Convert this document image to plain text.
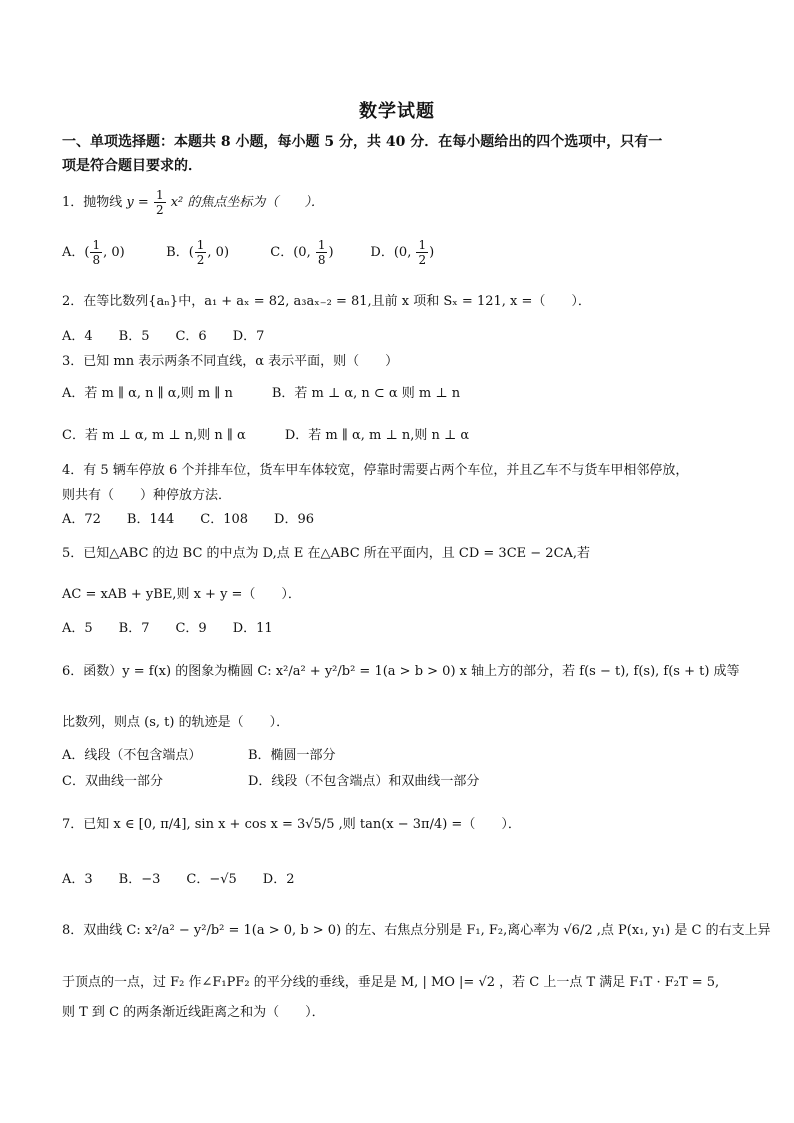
数学试题
一、单项选择题：本题共 8 小题，每小题 5 分，共 40 分．在每小题给出的四个选项中，只有一
项是符合题目要求的．
1．抛物线 $y = \frac{1}{2} x^2$ 的焦点坐标为（　　）．
A．( $\frac{1}{8}$ , 0)	B．( $\frac{1}{2}$ , 0)	C．(0, $\frac{1}{8}$ )	D．(0, $\frac{1}{2}$ )
2．在等比数列{aₙ}中，a₁ + aₓ = 82, a₃aₓ₋₂ = 81,且前 x 项和 Sₓ = 121, x =（　　）．
A．4　　B．5　　C．6　　D．7
3．已知 mn 表示两条不同直线，α 表示平面，则（　　）
A．若 m ∥ α, n ∥ α,则 m ∥ n　　　B．若 m ⊥ α, n ⊂ α 则 m ⊥ n
C．若 m ⊥ α, m ⊥ n,则 n ∥ α　　　D．若 m ∥ α, m ⊥ n,则 n ⊥ α
4．有 5 辆车停放 6 个并排车位，货车甲车体较宽，停靠时需要占两个车位，并且乙车不与货车甲相邻停放，
则共有（　　）种停放方法．
A．72　　B．144　　C．108　　D．96
5．已知△ABC 的边 BC 的中点为 D,点 E 在△ABC 所在平面内，且 CD = 3CE − 2CA,若
AC = xAB + yBE,则 x + y =（　　）．
A．5　　B．7　　C．9　　D．11
6．函数）y = f(x) 的图象为椭圆 C: x²/a² + y²/b² = 1(a > b > 0) x 轴上方的部分，若 f(s − t), f(s), f(s + t) 成等
比数列，则点 (s, t) 的轨迹是（　　）．
A．线段（不包含端点）	B．椭圆一部分
C．双曲线一部分	D．线段（不包含端点）和双曲线一部分
7．已知 x ∈ [0, π/4], sin x + cos x = 3√5/5 ,则 tan(x − 3π/4) =（　　）．
A．3　　B．−3　　C．−√5　　D．2
8．双曲线 C: x²/a² − y²/b² = 1(a > 0, b > 0) 的左、右焦点分别是 F₁, F₂,离心率为 √6/2 ,点 P(x₁, y₁) 是 C 的右支上异
于顶点的一点，过 F₂ 作∠F₁PF₂ 的平分线的垂线，垂足是 M, | MO |= √2 ，若 C 上一点 T 满足 F₁T · F₂T = 5,
则 T 到 C 的两条渐近线距离之和为（　　）．
